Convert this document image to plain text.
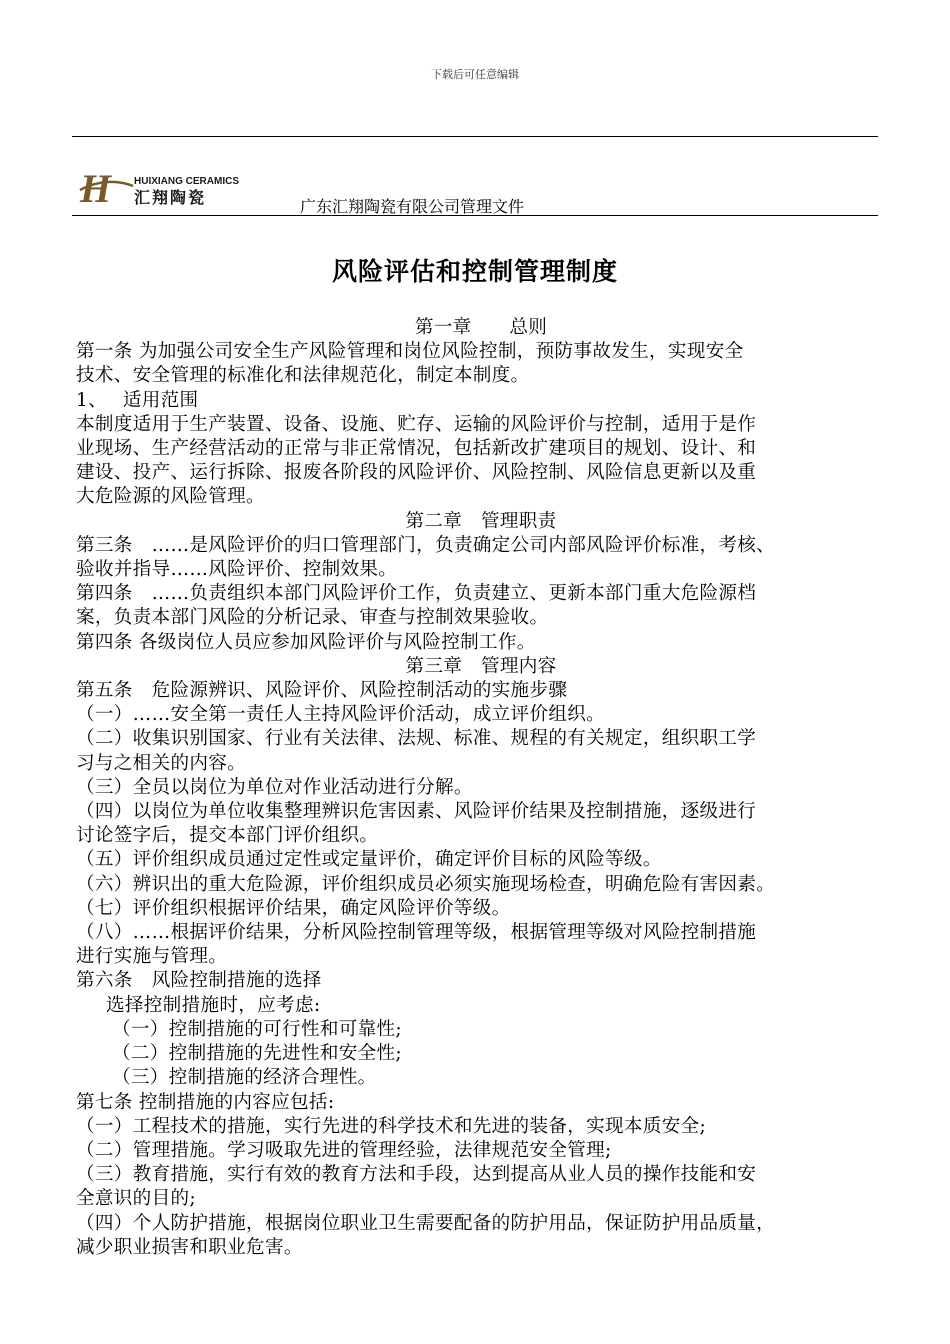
下载后可任意编辑
H HUIXIANG CERAMICS
汇翔陶瓷	广东汇翔陶瓷有限公司管理文件
风险评估和控制管理制度

第一章　　总则

第一条 为加强公司安全生产风险管理和岗位风险控制，预防事故发生，实现安全

技术、安全管理的标准化和法律规范化，制定本制度。

1、　 适用范围

本制度适用于生产装置、设备、设施、贮存、运输的风险评价与控制，适用于是作

业现场、生产经营活动的正常与非正常情况，包括新改扩建项目的规划、设计、和

建设、投产、运行拆除、报废各阶段的风险评价、风险控制、风险信息更新以及重

大危险源的风险管理。

第二章　管理职责

第三条　……是风险评价的归口管理部门，负责确定公司内部风险评价标准，考核、

验收并指导……风险评价、控制效果。

第四条　……负责组织本部门风险评价工作，负责建立、更新本部门重大危险源档

案，负责本部门风险的分析记录、审查与控制效果验收。

第四条 各级岗位人员应参加风险评价与风险控制工作。

第三章　管理内容

第五条　危险源辨识、风险评价、风险控制活动的实施步骤

（一）……安全第一责任人主持风险评价活动，成立评价组织。

（二）收集识别国家、行业有关法律、法规、标准、规程的有关规定，组织职工学

习与之相关的内容。

（三）全员以岗位为单位对作业活动进行分解。

（四）以岗位为单位收集整理辨识危害因素、风险评价结果及控制措施，逐级进行

讨论签字后，提交本部门评价组织。

（五）评价组织成员通过定性或定量评价，确定评价目标的风险等级。

（六）辨识出的重大危险源，评价组织成员必须实施现场检查，明确危险有害因素。

（七）评价组织根据评价结果，确定风险评价等级。

（八）……根据评价结果，分析风险控制管理等级，根据管理等级对风险控制措施

进行实施与管理。

第六条　风险控制措施的选择

选择控制措施时，应考虑:

（一）控制措施的可行性和可靠性;

（二）控制措施的先进性和安全性;

（三）控制措施的经济合理性。

第七条 控制措施的内容应包括:

（一）工程技术的措施，实行先进的科学技术和先进的装备，实现本质安全;

（二）管理措施。学习吸取先进的管理经验，法律规范安全管理;

（三）教育措施，实行有效的教育方法和手段，达到提高从业人员的操作技能和安

全意识的目的;

（四）个人防护措施，根据岗位职业卫生需要配备的防护用品，保证防护用品质量，

减少职业损害和职业危害。
